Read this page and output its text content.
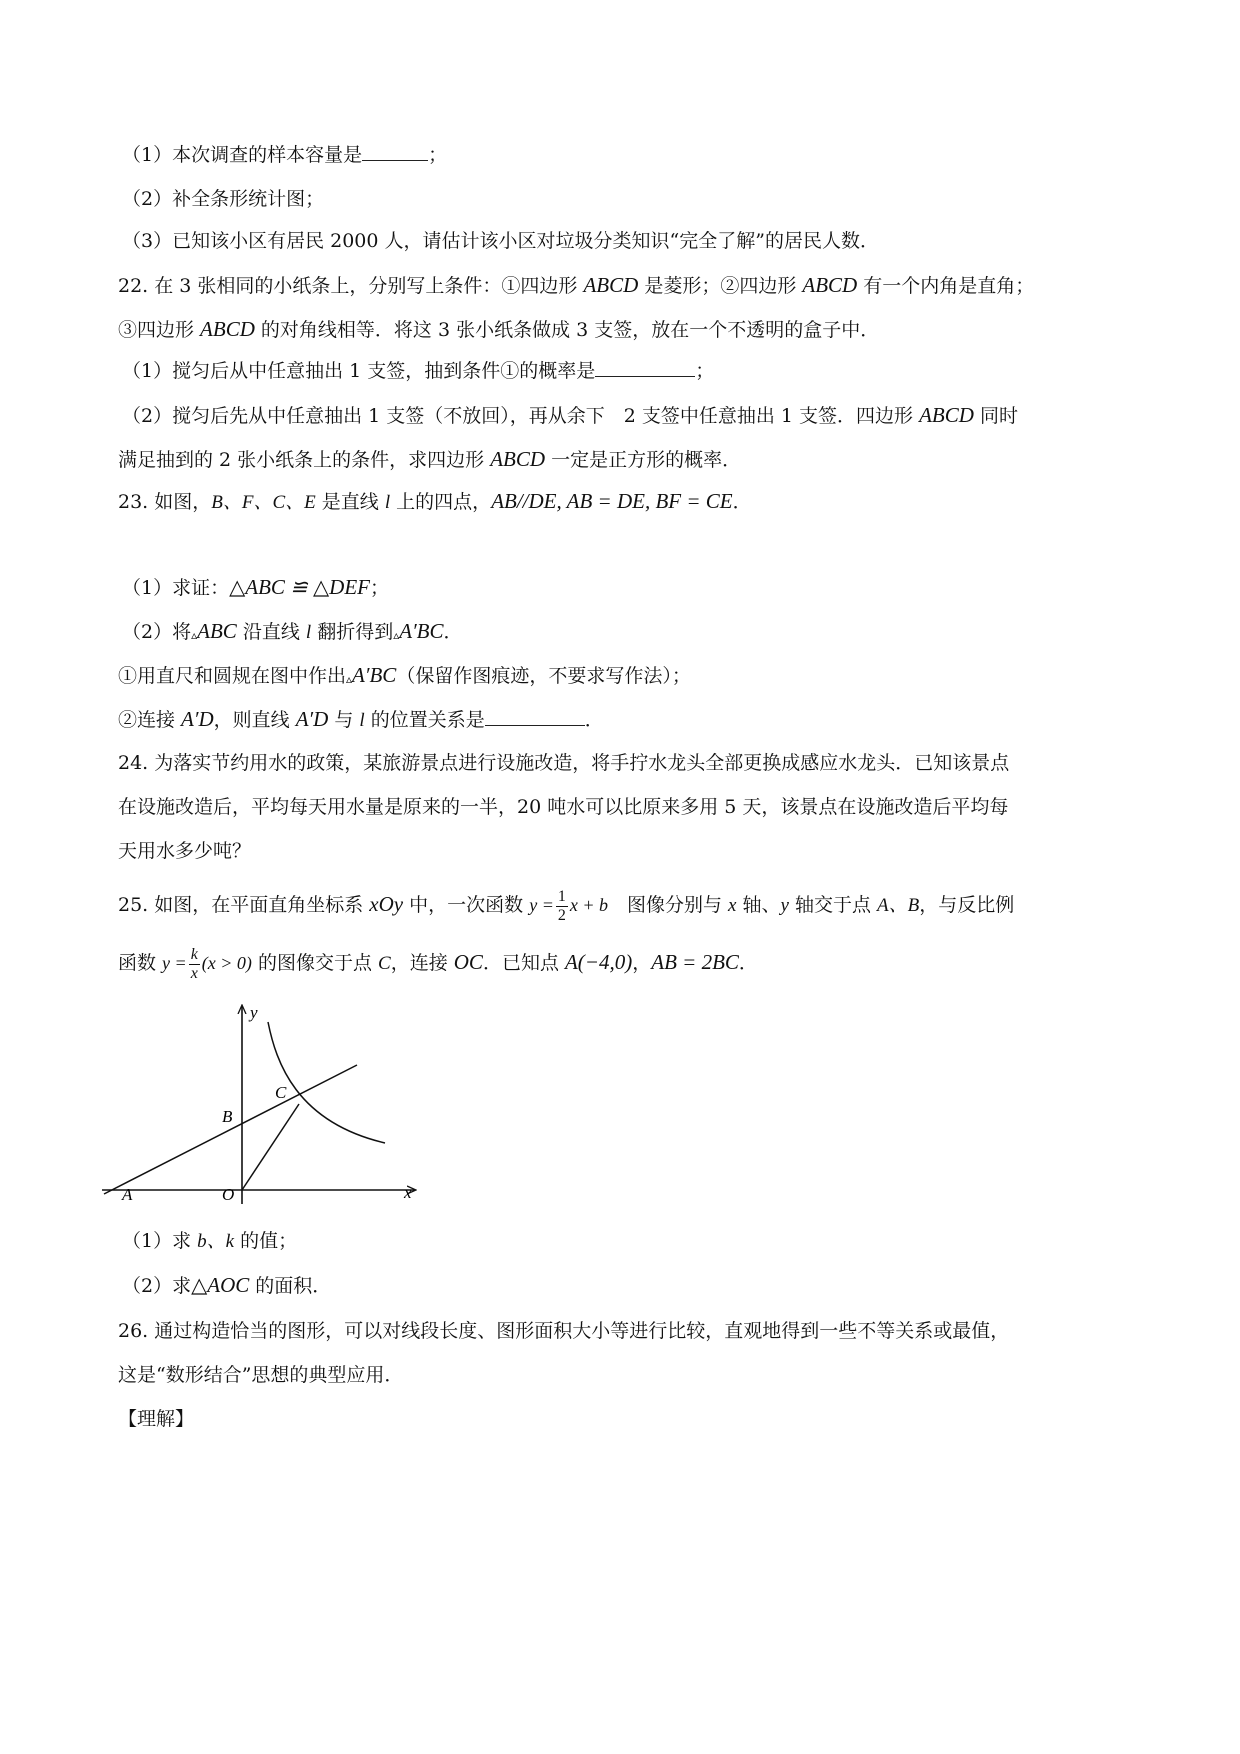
（1）本次调查的样本容量是	；
（2）补全条形统计图；
（3）已知该小区有居民 2000 人，请估计该小区对垃圾分类知识“完全了解”的居民人数．
22. 在 3 张相同的小纸条上，分别写上条件：①四边形 ABCD 是菱形；②四边形 ABCD 有一个内角是直角；
③四边形 ABCD 的对角线相等．将这 3 张小纸条做成 3 支签，放在一个不透明的盒子中．
（1）搅匀后从中任意抽出 1 支签，抽到条件①的概率是	；
（2）搅匀后先从中任意抽出 1 支签（不放回），再从余下　2 支签中任意抽出 1 支签．四边形 ABCD 同时
满足抽到的 2 张小纸条上的条件，求四边形 ABCD 一定是正方形的概率．
23. 如图，B、F、C、E 是直线 l 上的四点，AB//DE, AB = DE, BF = CE．
（1）求证：△ABC ≌ △DEF；
（2）将▵ABC 沿直线 l 翻折得到▵A′BC．
①用直尺和圆规在图中作出▵A′BC（保留作图痕迹，不要求写作法）；
②连接 A′D，则直线 A′D 与 l 的位置关系是	．
24. 为落实节约用水的政策，某旅游景点进行设施改造，将手拧水龙头全部更换成感应水龙头．已知该景点
在设施改造后，平均每天用水量是原来的一半，20 吨水可以比原来多用 5 天，该景点在设施改造后平均每
天用水多少吨？
25. 如图，在平面直角坐标系 xOy 中，一次函数 $y = \frac{1}{2}$ x + b　图像分别与 x 轴、y 轴交于点 A、B，与反比例
函数 $y = \frac{k}{x} (x > 0)$ 的图像交于点 C，连接 OC．已知点 A(−4,0)，AB = 2BC．
y
x
A
B
C
O
（1）求 b、k 的值；
（2）求△AOC 的面积．
26. 通过构造恰当的图形，可以对线段长度、图形面积大小等进行比较，直观地得到一些不等关系或最值，
这是“数形结合”思想的典型应用．
【理解】
